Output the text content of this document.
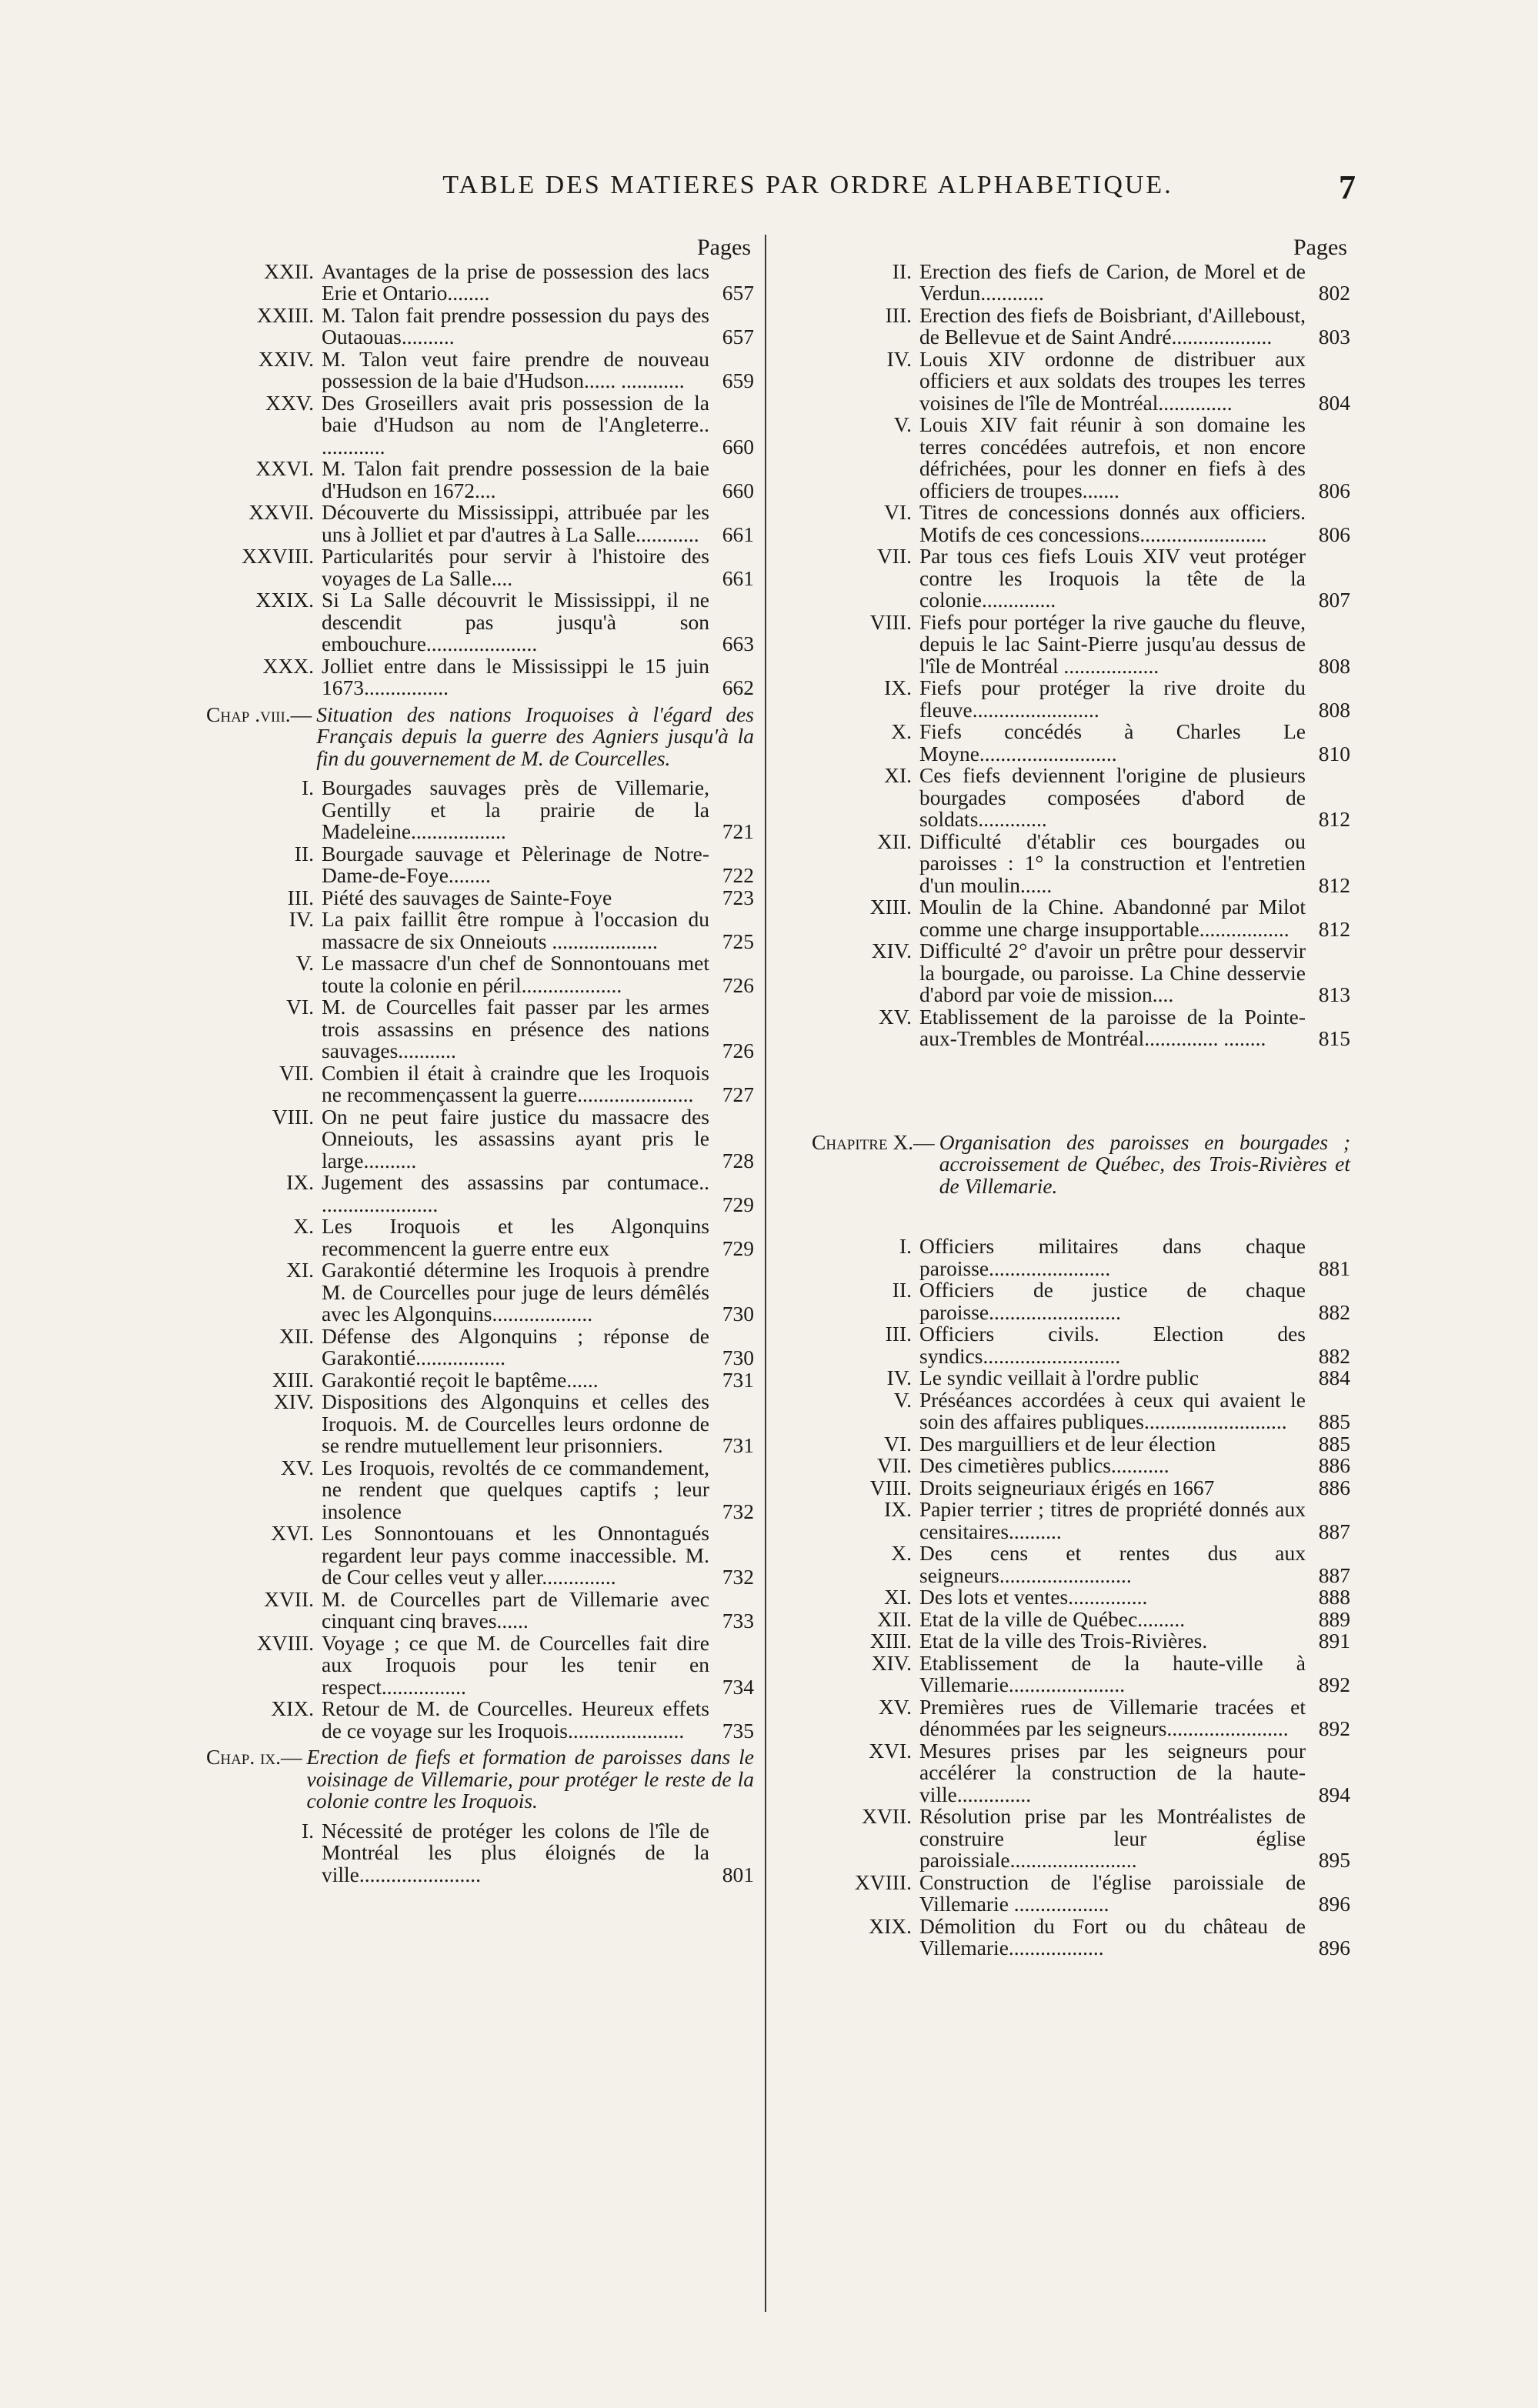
TABLE DES MATIERES PAR ORDRE ALPHABETIQUE.	7
Pages
XXII. Avantages de la prise de possession des lacs Erie et Ontario........	657
XXIII. M. Talon fait prendre possession du pays des Outaouas..........	657
XXIV. M. Talon veut faire prendre de nouveau possession de la baie d'Hudson...... ............	659
XXV. Des Groseillers avait pris possession de la baie d'Hudson au nom de l'Angleterre.. ............	660
XXVI. M. Talon fait prendre possession de la baie d'Hudson en 1672....	660
XXVII. Découverte du Mississippi, attribuée par les uns à Jolliet et par d'autres à La Salle............	661
XXVIII. Particularités pour servir à l'histoire des voyages de La Salle....	661
XXIX. Si La Salle découvrit le Mississippi, il ne descendit pas jusqu'à son embouchure.....................	663
XXX. Jolliet entre dans le Mississippi le 15 juin 1673................	662
Chap .viii.— Situation des nations Iroquoises à l'égard des Français depuis la guerre des Agniers jusqu'à la fin du gouvernement de M. de Courcelles.
I. Bourgades sauvages près de Villemarie, Gentilly et la prairie de la Madeleine..................	721
II. Bourgade sauvage et Pèlerinage de Notre-Dame-de-Foye........	722
III. Piété des sauvages de Sainte-Foye	723
IV. La paix faillit être rompue à l'occasion du massacre de six Onneiouts ....................	725
V. Le massacre d'un chef de Sonnontouans met toute la colonie en péril...................	726
VI. M. de Courcelles fait passer par les armes trois assassins en présence des nations sauvages...........	726
VII. Combien il était à craindre que les Iroquois ne recommençassent la guerre......................	727
VIII. On ne peut faire justice du massacre des Onneiouts, les assassins ayant pris le large..........	728
IX. Jugement des assassins par contumace.. ......................	729
X. Les Iroquois et les Algonquins recommencent la guerre entre eux	729
XI. Garakontié détermine les Iroquois à prendre M. de Courcelles pour juge de leurs démêlés avec les Algonquins...................	730
XII. Défense des Algonquins ; réponse de Garakontié.................	730
XIII. Garakontié reçoit le baptême......	731
XIV. Dispositions des Algonquins et celles des Iroquois. M. de Courcelles leurs ordonne de se rendre mutuellement leur prisonniers.	731
XV. Les Iroquois, revoltés de ce commandement, ne rendent que quelques captifs ; leur insolence	732
XVI. Les Sonnontouans et les Onnontagués regardent leur pays comme inaccessible. M. de Cour celles veut y aller..............	732
XVII. M. de Courcelles part de Villemarie avec cinquant cinq braves......	733
XVIII. Voyage ; ce que M. de Courcelles fait dire aux Iroquois pour les tenir en respect................	734
XIX. Retour de M. de Courcelles. Heureux effets de ce voyage sur les Iroquois......................	735
Chap. ix.— Erection de fiefs et formation de paroisses dans le voisinage de Villemarie, pour protéger le reste de la colonie contre les Iroquois.
I. Nécessité de protéger les colons de l'île de Montréal les plus éloignés de la ville.......................	801
Pages
II. Erection des fiefs de Carion, de Morel et de Verdun............	802
III. Erection des fiefs de Boisbriant, d'Ailleboust, de Bellevue et de Saint André...................	803
IV. Louis XIV ordonne de distribuer aux officiers et aux soldats des troupes les terres voisines de l'île de Montréal..............	804
V. Louis XIV fait réunir à son domaine les terres concédées autrefois, et non encore défrichées, pour les donner en fiefs à des officiers de troupes.......	806
VI. Titres de concessions donnés aux officiers. Motifs de ces concessions........................	806
VII. Par tous ces fiefs Louis XIV veut protéger contre les Iroquois la tête de la colonie..............	807
VIII. Fiefs pour portéger la rive gauche du fleuve, depuis le lac Saint-Pierre jusqu'au dessus de l'île de Montréal ..................	808
IX. Fiefs pour protéger la rive droite du fleuve........................	808
X. Fiefs concédés à Charles Le Moyne..........................	810
XI. Ces fiefs deviennent l'origine de plusieurs bourgades composées d'abord de soldats.............	812
XII. Difficulté d'établir ces bourgades ou paroisses : 1° la construction et l'entretien d'un moulin......	812
XIII. Moulin de la Chine. Abandonné par Milot comme une charge insupportable.................	812
XIV. Difficulté 2° d'avoir un prêtre pour desservir la bourgade, ou paroisse. La Chine desservie d'abord par voie de mission....	813
XV. Etablissement de la paroisse de la Pointe-aux-Trembles de Montréal.............. ........	815
Chapitre X.— Organisation des paroisses en bourgades ; accroissement de Québec, des Trois-Rivières et de Villemarie.
I. Officiers militaires dans chaque paroisse.......................	881
II. Officiers de justice de chaque paroisse.........................	882
III. Officiers civils. Election des syndics..........................	882
IV. Le syndic veillait à l'ordre public	884
V. Préséances accordées à ceux qui avaient le soin des affaires publiques...........................	885
VI. Des marguilliers et de leur élection	885
VII. Des cimetières publics...........	886
VIII. Droits seigneuriaux érigés en 1667	886
IX. Papier terrier ; titres de propriété donnés aux censitaires..........	887
X. Des cens et rentes dus aux seigneurs.........................	887
XI. Des lots et ventes...............	888
XII. Etat de la ville de Québec.........	889
XIII. Etat de la ville des Trois-Rivières.	891
XIV. Etablissement de la haute-ville à Villemarie......................	892
XV. Premières rues de Villemarie tracées et dénommées par les seigneurs.......................	892
XVI. Mesures prises par les seigneurs pour accélérer la construction de la haute-ville..............	894
XVII. Résolution prise par les Montréalistes de construire leur église paroissiale........................	895
XVIII. Construction de l'église paroissiale de Villemarie ..................	896
XIX. Démolition du Fort ou du château de Villemarie..................	896
